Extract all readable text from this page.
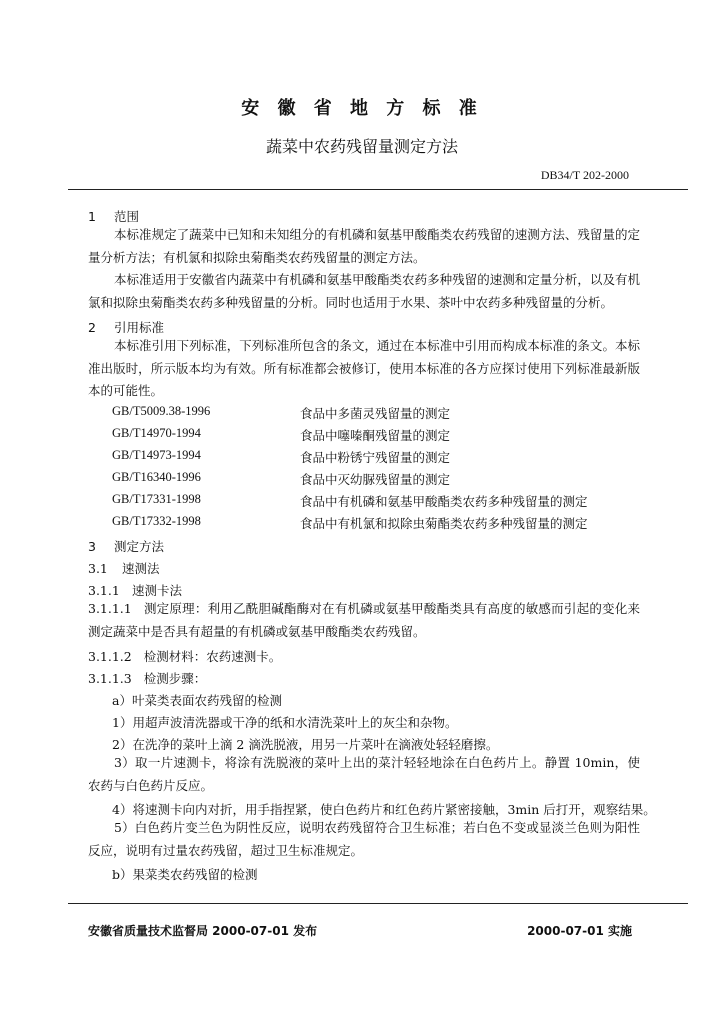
安 徽 省 地 方 标 准
蔬菜中农药残留量测定方法
DB34/T 202-2000
1 范围
本标准规定了蔬菜中已知和未知组分的有机磷和氨基甲酸酯类农药残留的速测方法、残留量的定量分析方法；有机氯和拟除虫菊酯类农药残留量的测定方法。
本标准适用于安徽省内蔬菜中有机磷和氨基甲酸酯类农药多种残留的速测和定量分析，以及有机氯和拟除虫菊酯类农药多种残留量的分析。同时也适用于水果、茶叶中农药多种残留量的分析。
2 引用标准
本标准引用下列标准，下列标准所包含的条文，通过在本标准中引用而构成本标准的条文。本标准出版时，所示版本均为有效。所有标准都会被修订，使用本标准的各方应探讨使用下列标准最新版本的可能性。
GB/T5009.38-1996	食品中多菌灵残留量的测定
GB/T14970-1994	食品中噻嗪酮残留量的测定
GB/T14973-1994	食品中粉锈宁残留量的测定
GB/T16340-1996	食品中灭幼脲残留量的测定
GB/T17331-1998	食品中有机磷和氨基甲酸酯类农药多种残留量的测定
GB/T17332-1998	食品中有机氯和拟除虫菊酯类农药多种残留量的测定
3 测定方法
3.1 速测法
3.1.1 速测卡法
3.1.1.1 测定原理：利用乙酰胆碱酯酶对在有机磷或氨基甲酸酯类具有高度的敏感而引起的变化来测定蔬菜中是否具有超量的有机磷或氨基甲酸酯类农药残留。
3.1.1.2 检测材料：农药速测卡。
3.1.1.3 检测步骤：
a）叶菜类表面农药残留的检测
1）用超声波清洗器或干净的纸和水清洗菜叶上的灰尘和杂物。
2）在洗净的菜叶上滴 2 滴洗脱液，用另一片菜叶在滴液处轻轻磨擦。
3）取一片速测卡，将涂有洗脱液的菜叶上出的菜汁轻轻地涂在白色药片上。静置 10min，使农药与白色药片反应。
4）将速测卡向内对折，用手指捏紧，使白色药片和红色药片紧密接触，3min 后打开，观察结果。
5）白色药片变兰色为阴性反应，说明农药残留符合卫生标准；若白色不变或显淡兰色则为阳性反应，说明有过量农药残留，超过卫生标准规定。
b）果菜类农药残留的检测
安徽省质量技术监督局 2000-07-01 发布	2000-07-01 实施
